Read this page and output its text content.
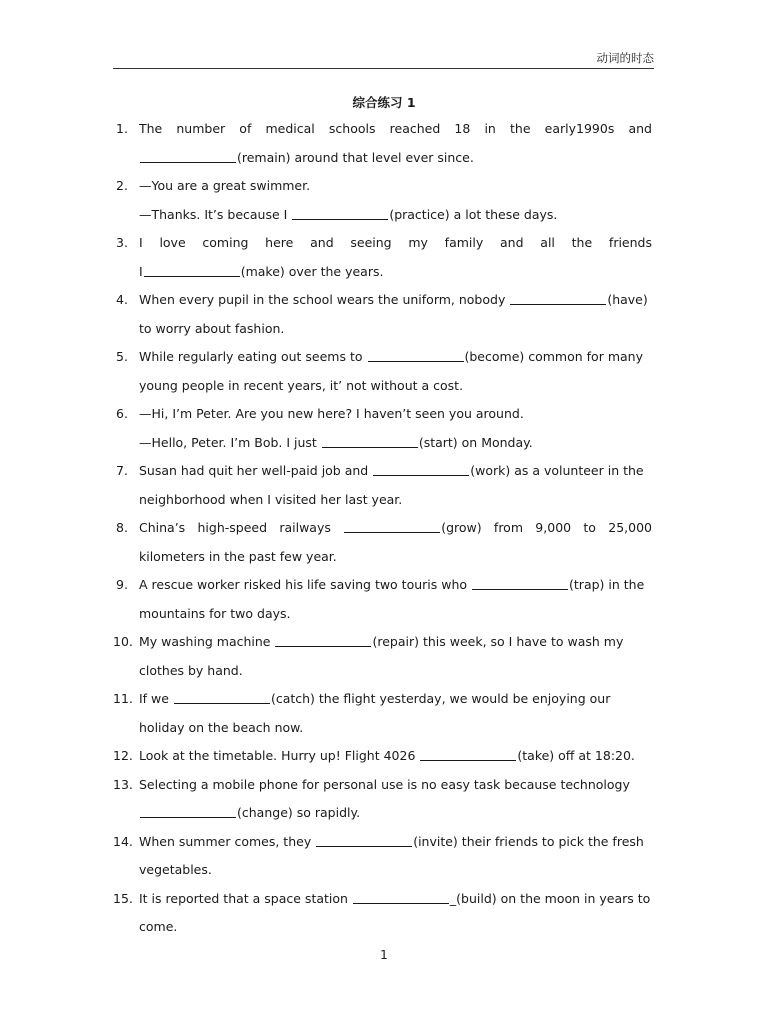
动词的时态
综合练习 1
1. The number of medical schools reached 18 in the early1990s and
(remain) around that level ever since.
2. —You are a great swimmer.
—Thanks. It’s because I	(practice) a lot these days.
3. I love coming here and seeing my family and all the friends
I	(make) over the years.
4. When every pupil in the school wears the uniform, nobody	(have)
to worry about fashion.
5. While regularly eating out seems to	(become) common for many
young people in recent years, it’ not without a cost.
6. —Hi, I’m Peter. Are you new here? I haven’t seen you around.
—Hello, Peter. I’m Bob. I just	(start) on Monday.
7. Susan had quit her well-paid job and	(work) as a volunteer in the
neighborhood when I visited her last year.
8. China’s high-speed railways	(grow) from 9,000 to 25,000
kilometers in the past few year.
9. A rescue worker risked his life saving two touris who	(trap) in the
mountains for two days.
10. My washing machine	(repair) this week, so I have to wash my
clothes by hand.
11. If we	(catch) the flight yesterday, we would be enjoying our
holiday on the beach now.
12. Look at the timetable. Hurry up! Flight 4026	(take) off at 18:20.
13. Selecting a mobile phone for personal use is no easy task because technology
(change) so rapidly.
14. When summer comes, they	(invite) their friends to pick the fresh
vegetables.
15. It is reported that a space station	_(build) on the moon in years to
come.
1
